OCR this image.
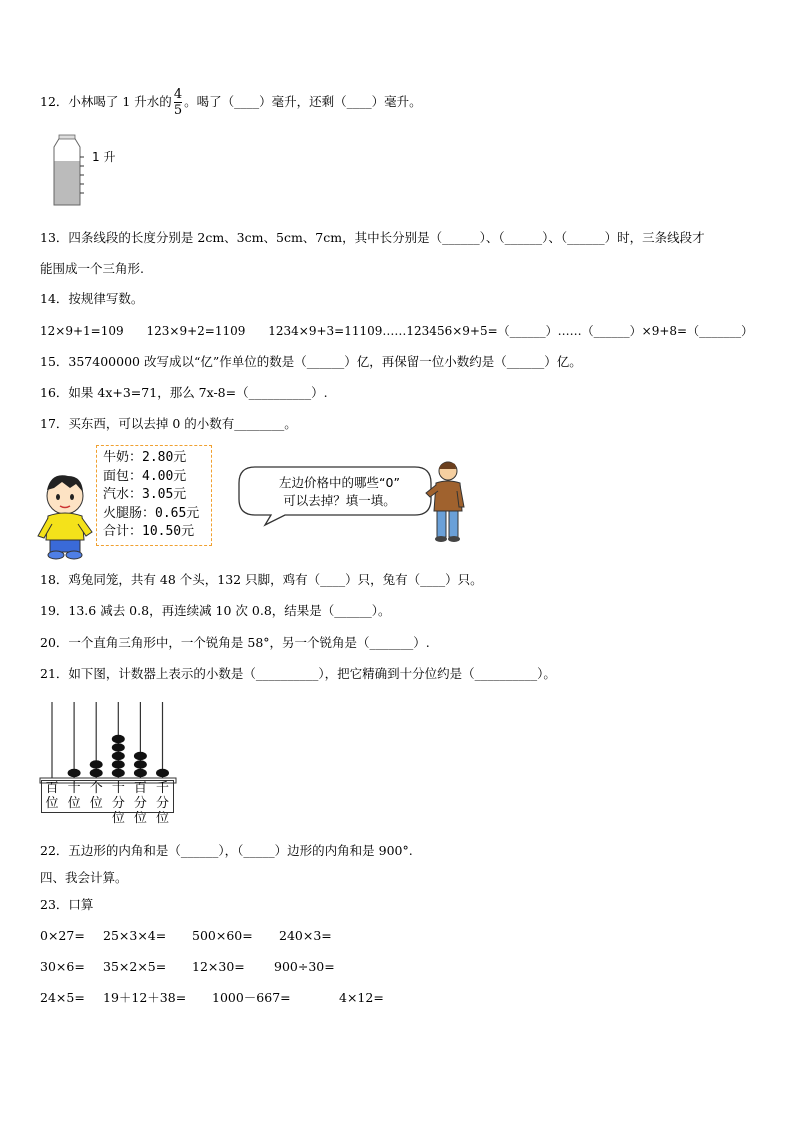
12．小林喝了 1 升水的 $\frac{4}{5}$ 。喝了（____）毫升，还剩（____）毫升。
1 升
13．四条线段的长度分别是 2cm、3cm、5cm、7cm，其中长分别是（______）、（______）、（______）时，三条线段才
能围成一个三角形.
14．按规律写数。
12×9+1=109      123×9+2=1109      1234×9+3=11109……123456×9+5=（______）……（______）×9+8=（_______）
15．357400000 改写成以“亿”作单位的数是（______）亿，再保留一位小数约是（______）亿。
16．如果 4x+3=71，那么 7x-8=（__________）.
17．买东西，可以去掉 0 的小数有________。
牛奶：2.80元
面包：4.00元
汽水：3.05元
火腿肠：0.65元
合计：10.50元
左边价格中的哪些“0”
可以去掉？填一填。
18．鸡兔同笼，共有 48 个头，132 只脚，鸡有（____）只，兔有（____）只。
19．13.6 减去 0.8，再连续减 10 次 0.8，结果是（______）。
20．一个直角三角形中，一个锐角是 58°，另一个锐角是（_______）.
21．如下图，计数器上表示的小数是（__________），把它精确到十分位约是（__________）。
百
位
十
位
个
位
十
分
位
百
分
位
千
分
位
22．五边形的内角和是（______），（_____）边形的内角和是 900°.
四、我会计算。
23．口算
0×27= 25×3×4= 500×60= 240×3=
30×6= 35×2×5= 12×30= 900÷30=
24×5= 19＋12＋38= 1000－667=	4×12=
